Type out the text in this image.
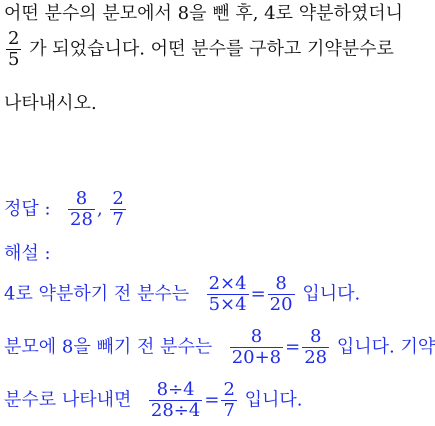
어떤 분수의 분모에서 8을 뺀 후, 4로 약분하였더니
$\frac{2}{5}$ 가 되었습니다. 어떤 분수를 구하고 기약분수로
나타내시오.
정답 : $\frac{8}{28}$ , $\frac{2}{7}$
해설 :
4로 약분하기 전 분수는 $\frac{2\times 4}{5\times 4} = \frac{8}{20}$ 입니다.
분모에 8을 빼기 전 분수는 $\frac{8}{20+8} = \frac{8}{28}$ 입니다. 기약
분수로 나타내면 $\frac{8\div 4}{28\div 4} = \frac{2}{7}$ 입니다.
